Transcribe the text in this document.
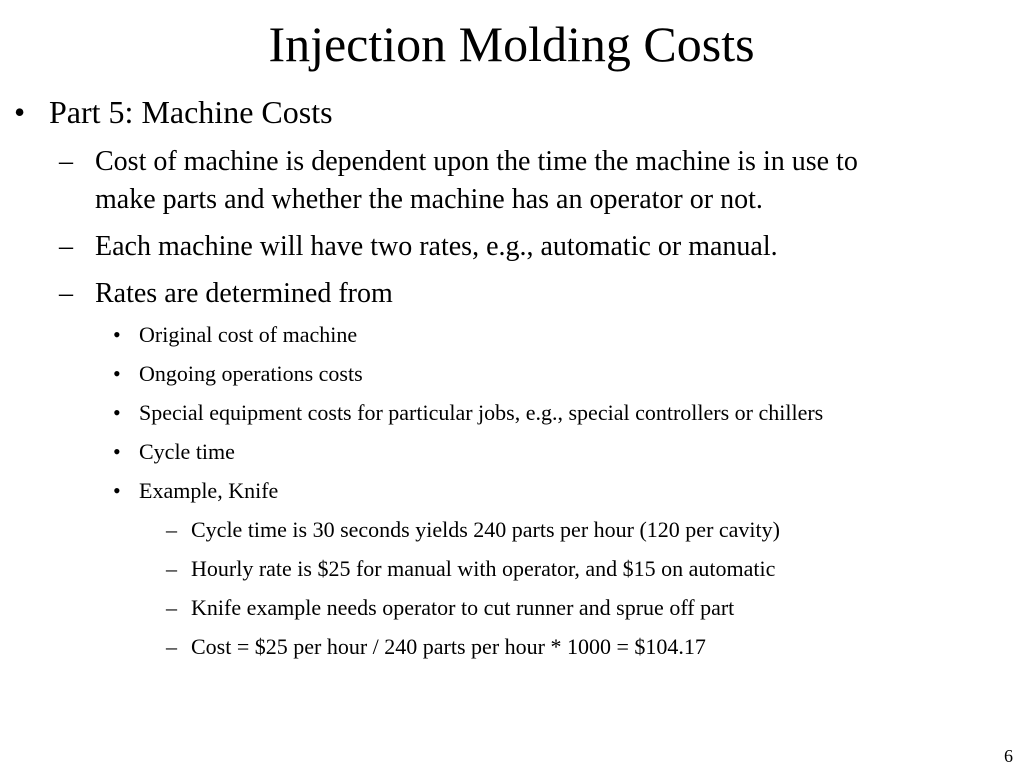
Injection Molding Costs
• Part 5: Machine Costs
– Cost of machine is dependent upon the time the machine is in use to
make parts and whether the machine has an operator or not.
– Each machine will have two rates, e.g., automatic or manual.
– Rates are determined from
• Original cost of machine
• Ongoing operations costs
• Special equipment costs for particular jobs, e.g., special controllers or chillers
• Cycle time
• Example, Knife
– Cycle time is 30 seconds yields 240 parts per hour (120 per cavity)
– Hourly rate is $25 for manual with operator, and $15 on automatic
– Knife example needs operator to cut runner and sprue off part
– Cost = $25 per hour / 240 parts per hour * 1000 = $104.17
6
